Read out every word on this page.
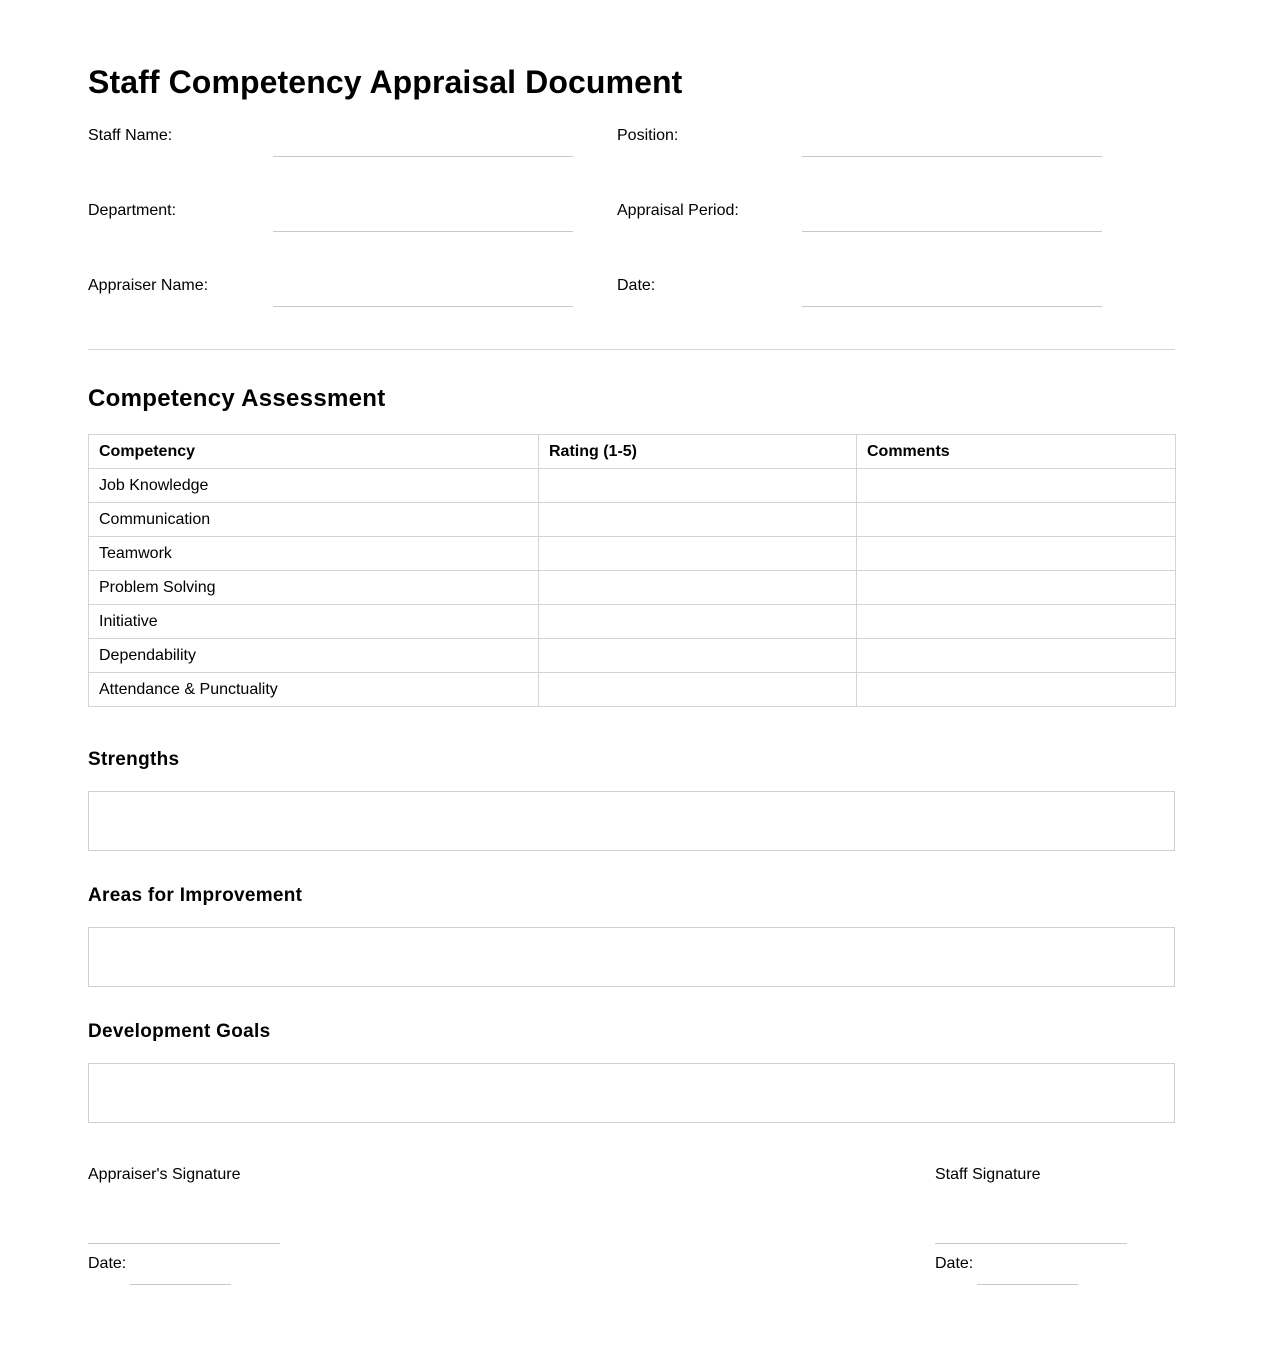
Staff Competency Appraisal Document
Staff Name:	Position:
Department:	Appraisal Period:
Appraiser Name:	Date:
Competency Assessment
Competency	Rating (1-5)	Comments
Job Knowledge		
Communication		
Teamwork		
Problem Solving		
Initiative		
Dependability		
Attendance & Punctuality		
Strengths
Areas for Improvement
Development Goals
Appraiser's Signature
Date:
Staff Signature
Date:
